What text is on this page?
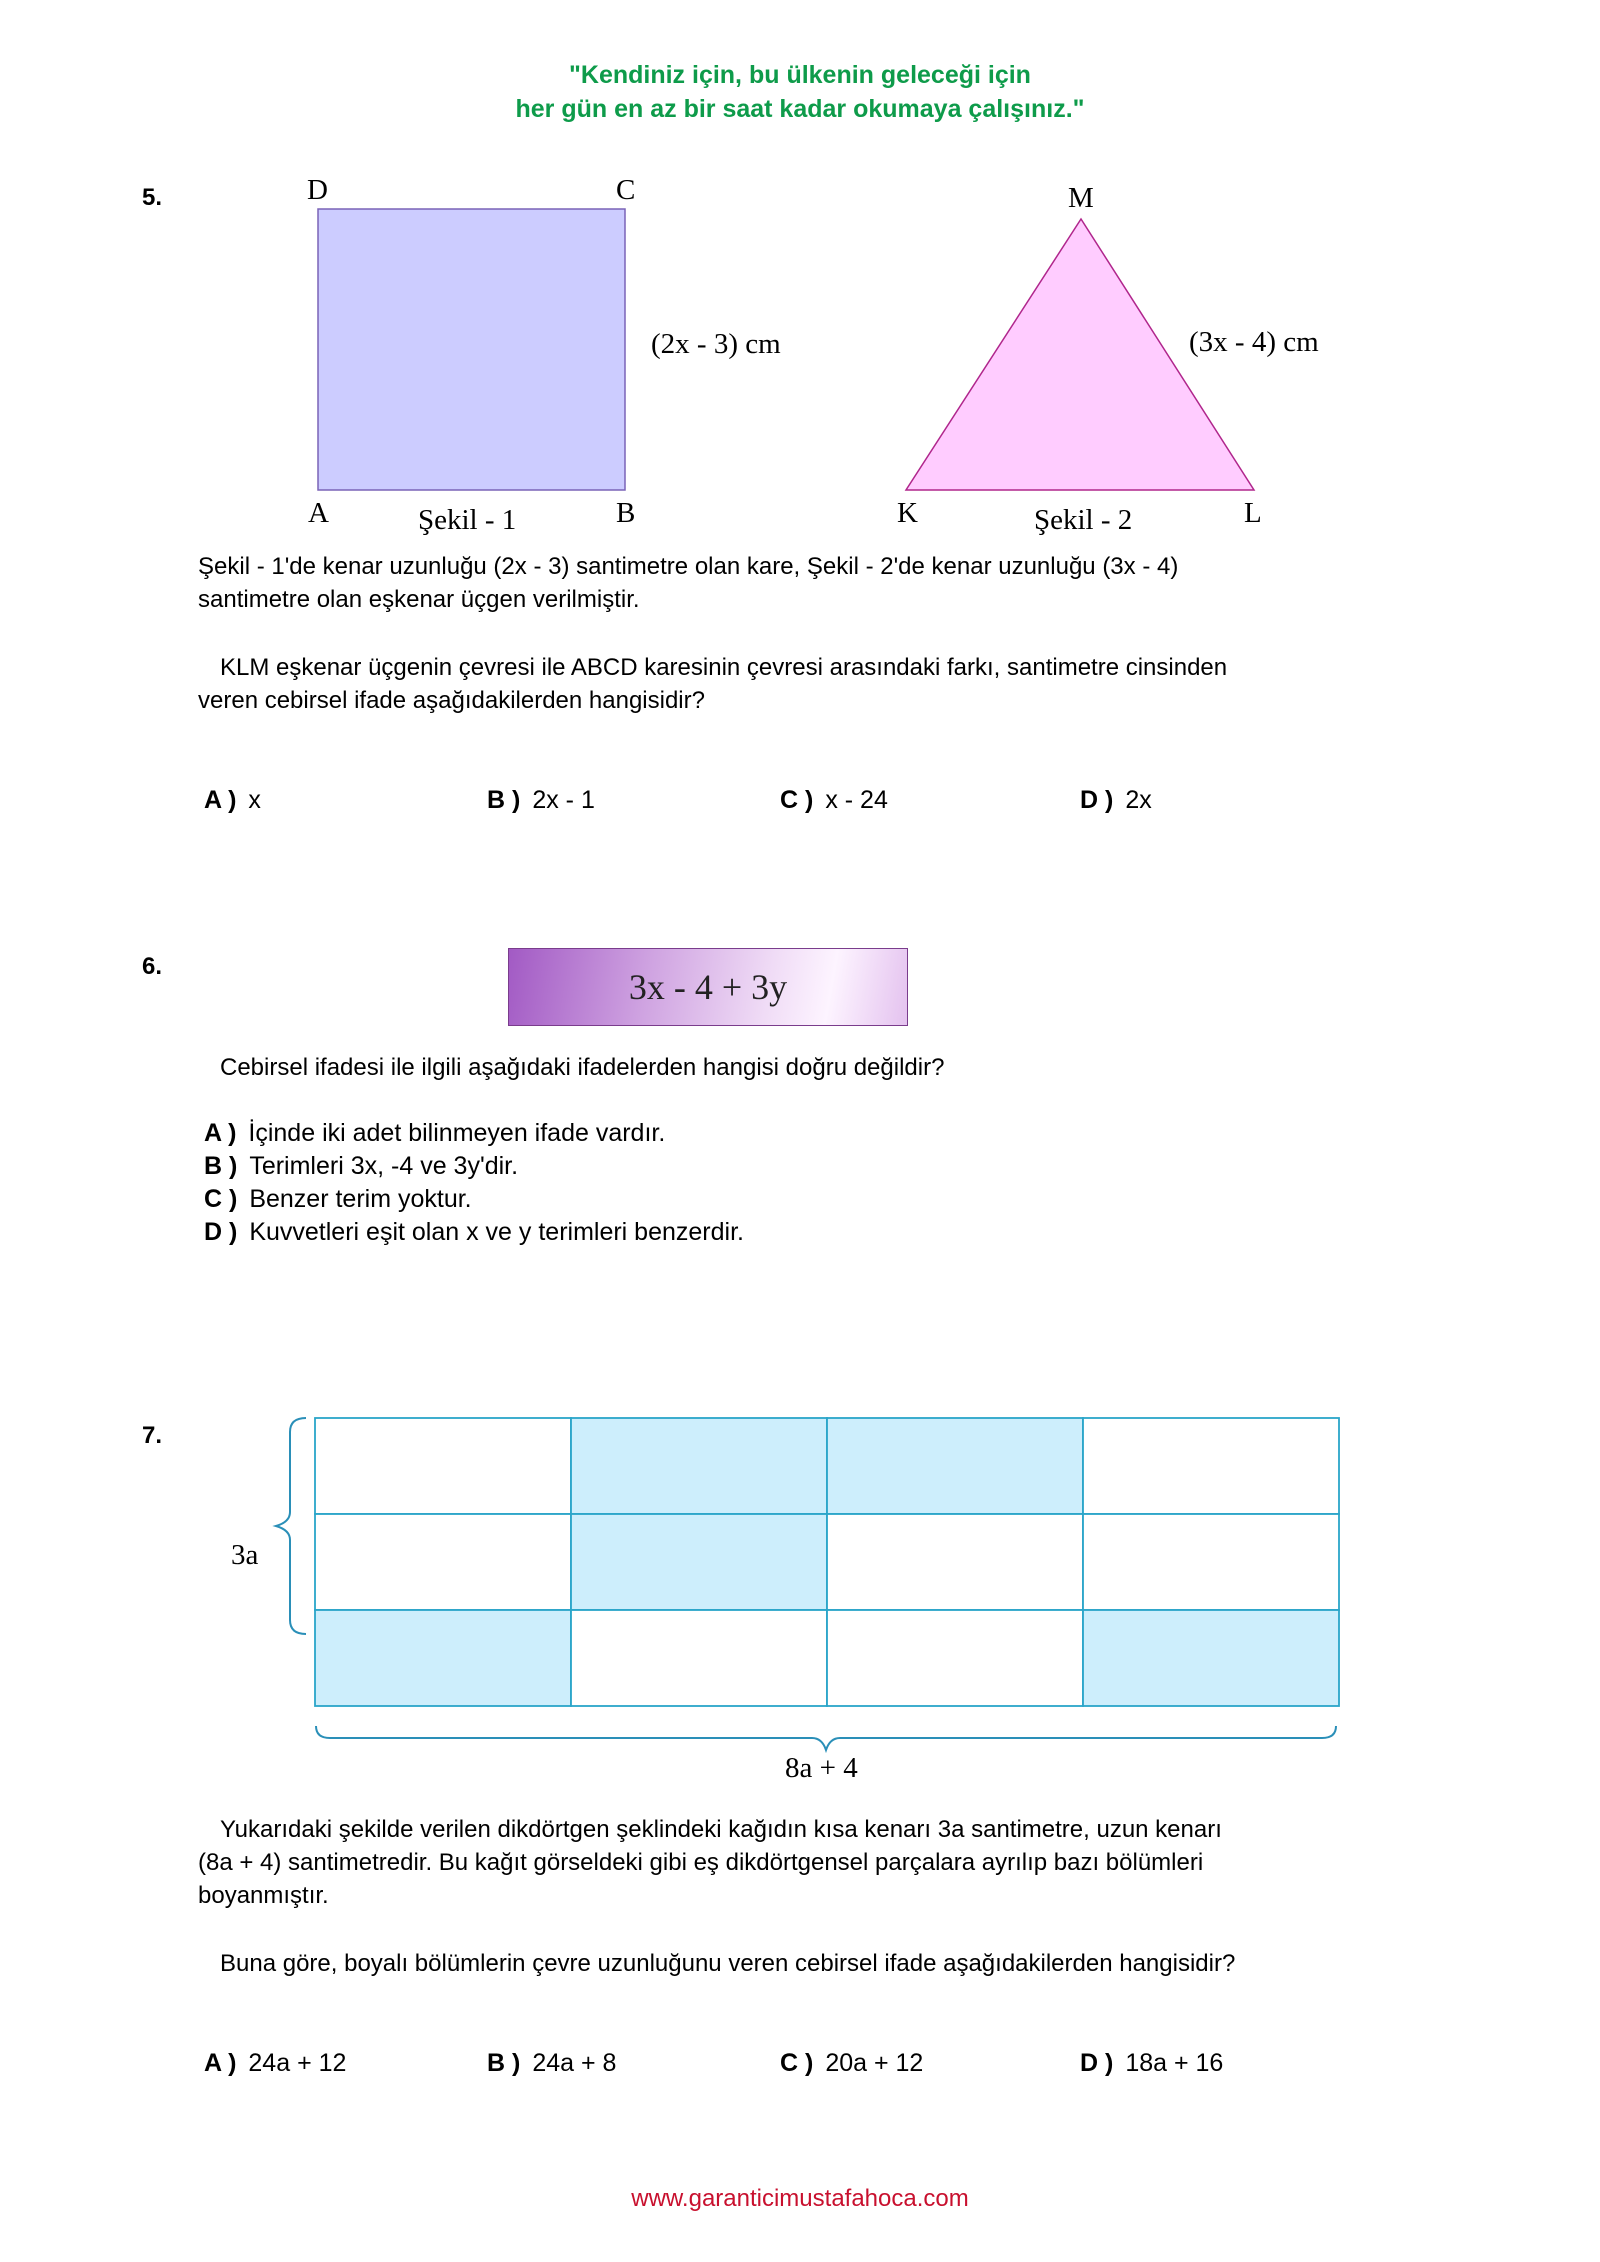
"Kendiniz için, bu ülkenin geleceği için
her gün en az bir saat kadar okumaya çalışınız."
5.	D	C
(2x - 3) cm
A	Şekil - 1	B
M
(3x - 4) cm
K	Şekil - 2	L
Şekil - 1'de kenar uzunluğu (2x - 3) santimetre olan kare, Şekil - 2'de kenar uzunluğu (3x - 4)
santimetre olan eşkenar üçgen verilmiştir.
KLM eşkenar üçgenin çevresi ile ABCD karesinin çevresi arasındaki farkı, santimetre cinsinden
veren cebirsel ifade aşağıdakilerden hangisidir?
A ) x	B ) 2x - 1	C ) x - 24	D ) 2x
6.
3x - 4 + 3y
Cebirsel ifadesi ile ilgili aşağıdaki ifadelerden hangisi doğru değildir?
A ) İçinde iki adet bilinmeyen ifade vardır.
B ) Terimleri 3x, -4 ve 3y'dir.
C ) Benzer terim yoktur.
D ) Kuvvetleri eşit olan x ve y terimleri benzerdir.
7.
3a
8a + 4
Yukarıdaki şekilde verilen dikdörtgen şeklindeki kağıdın kısa kenarı 3a santimetre, uzun kenarı
(8a + 4) santimetredir. Bu kağıt görseldeki gibi eş dikdörtgensel parçalara ayrılıp bazı bölümleri
boyanmıştır.
Buna göre, boyalı bölümlerin çevre uzunluğunu veren cebirsel ifade aşağıdakilerden hangisidir?
A ) 24a + 12	B ) 24a + 8	C ) 20a + 12	D ) 18a + 16
www.garanticimustafahoca.com
